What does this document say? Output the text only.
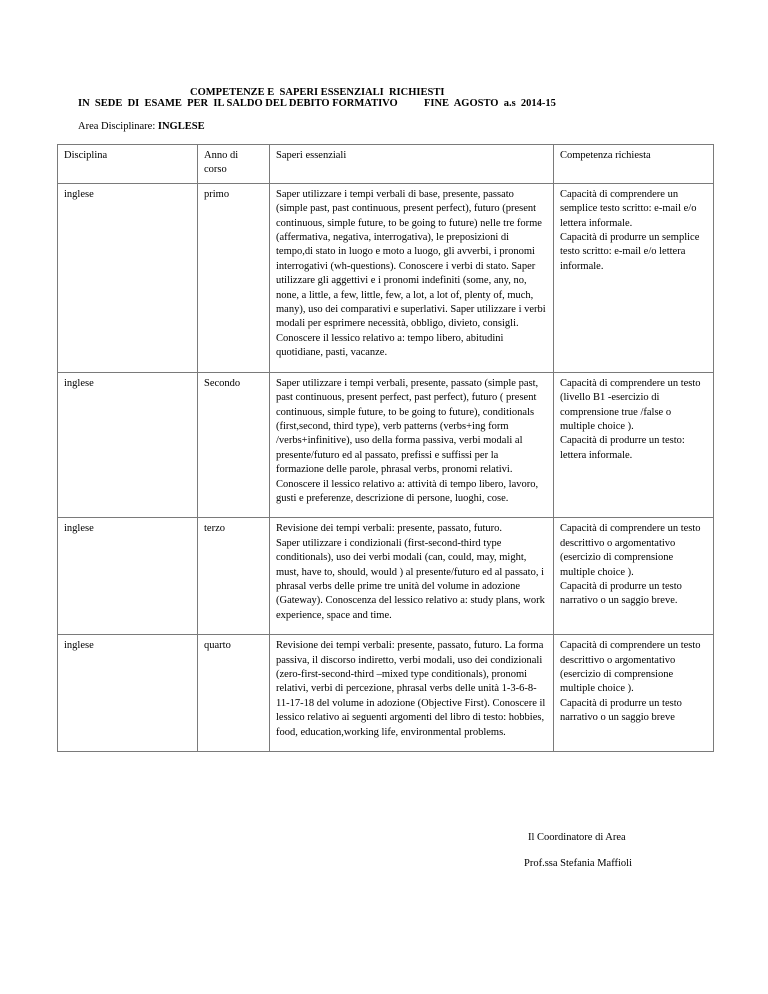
COMPETENZE E  SAPERI ESSENZIALI  RICHIESTI
IN  SEDE  DI  ESAME  PER  IL SALDO DEL DEBITO FORMATIVO          FINE  AGOSTO  a.s  2014-15
Area Disciplinare: INGLESE
Disciplina	Anno di corso	Saperi essenziali	Competenza richiesta
inglese	primo	Saper utilizzare i tempi verbali di base, presente, passato (simple past, past continuous, present perfect), futuro (present continuous, simple future, to be going to future) nelle tre forme (affermativa, negativa, interrogativa), le preposizioni di tempo,di stato in luogo e moto a luogo, gli avverbi, i pronomi interrogativi (wh-questions). Conoscere i verbi di stato. Saper utilizzare gli aggettivi e i pronomi indefiniti (some, any, no, none, a little, a few, little, few, a lot, a lot of, plenty of, much, many), uso dei comparativi e superlativi. Saper utilizzare i verbi modali per esprimere necessità, obbligo, divieto, consigli. Conoscere il lessico relativo a: tempo libero, abitudini quotidiane, pasti, vacanze.	Capacità di comprendere un semplice testo scritto: e-mail e/o lettera informale.
Capacità di produrre un semplice testo scritto: e-mail e/o lettera informale.
inglese	Secondo	Saper utilizzare i tempi verbali, presente, passato (simple past, past continuous, present perfect, past perfect), futuro ( present continuous, simple future, to be going to future), conditionals (first,second, third type), verb patterns (verbs+ing form /verbs+infinitive), uso della forma passiva, verbi modali al presente/futuro ed al passato, prefissi e suffissi per la formazione delle parole, phrasal verbs, pronomi relativi. Conoscere il lessico relativo a: attività di tempo libero, lavoro, gusti e preferenze, descrizione di persone, luoghi, cose.	Capacità di comprendere un testo (livello B1 -esercizio di comprensione true /false o multiple choice ).
Capacità di produrre un testo: lettera informale.
inglese	terzo	Revisione dei tempi verbali: presente, passato, futuro.
Saper utilizzare i condizionali (first-second-third type conditionals), uso dei verbi modali (can, could, may, might, must, have to, should, would ) al presente/futuro ed al passato, i phrasal verbs delle prime tre unità del volume in adozione (Gateway). Conoscenza del lessico relativo a: study plans, work experience, space and time.	Capacità di comprendere un testo descrittivo o argomentativo (esercizio di comprensione multiple choice ).
Capacità di produrre un testo narrativo o un saggio breve.
inglese	quarto	Revisione dei tempi verbali: presente, passato, futuro. La forma passiva, il discorso indiretto, verbi modali, uso dei condizionali (zero-first-second-third –mixed type conditionals), pronomi relativi, verbi di percezione, phrasal verbs delle unità 1-3-6-8-11-17-18 del volume in adozione (Objective First). Conoscere il lessico relativo ai seguenti argomenti del libro di testo: hobbies, food, education,working life, environmental problems.	Capacità di comprendere un testo descrittivo o argomentativo (esercizio di comprensione multiple choice ).
Capacità di produrre un testo narrativo o un saggio breve
Il Coordinatore di Area
Prof.ssa Stefania Maffioli
